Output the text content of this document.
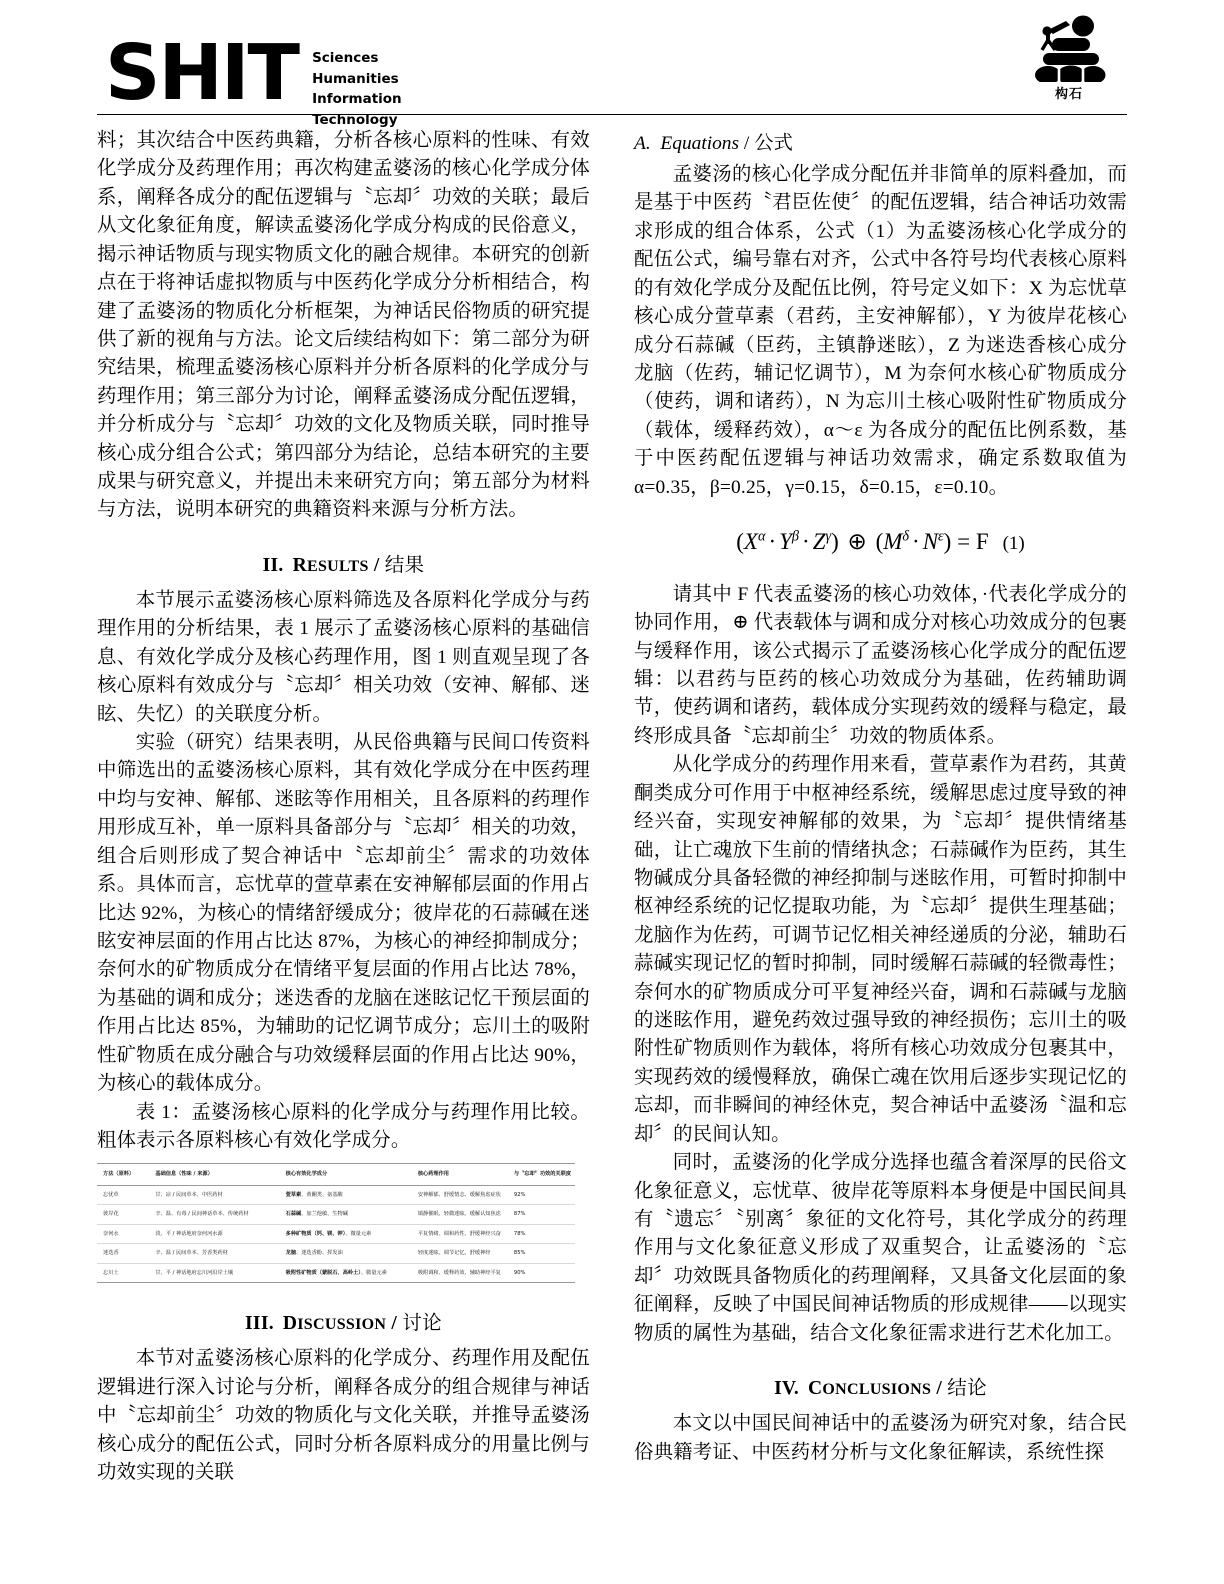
SHIT Sciences
Humanities
Information
Technology
构石

料；其次结合中医药典籍，分析各核心原料的性味、有效化学成分及药理作用；再次构建孟婆汤的核心化学成分体系，阐释各成分的配伍逻辑与〝忘却〞功效的关联；最后从文化象征角度，解读孟婆汤化学成分构成的民俗意义，揭示神话物质与现实物质文化的融合规律。本研究的创新点在于将神话虚拟物质与中医药化学成分分析相结合，构建了孟婆汤的物质化分析框架，为神话民俗物质的研究提供了新的视角与方法。论文后续结构如下：第二部分为研究结果，梳理孟婆汤核心原料并分析各原料的化学成分与药理作用；第三部分为讨论，阐释孟婆汤成分配伍逻辑，并分析成分与〝忘却〞功效的文化及物质关联，同时推导核心成分组合公式；第四部分为结论，总结本研究的主要成果与研究意义，并提出未来研究方向；第五部分为材料与方法，说明本研究的典籍资料来源与分析方法。

II. RESULTS / 结果

本节展示孟婆汤核心原料筛选及各原料化学成分与药理作用的分析结果，表 1 展示了孟婆汤核心原料的基础信息、有效化学成分及核心药理作用，图 1 则直观呈现了各核心原料有效成分与〝忘却〞相关功效（安神、解郁、迷眩、失忆）的关联度分析。

实验（研究）结果表明，从民俗典籍与民间口传资料中筛选出的孟婆汤核心原料，其有效化学成分在中医药理中均与安神、解郁、迷眩等作用相关，且各原料的药理作用形成互补，单一原料具备部分与〝忘却〞相关的功效，组合后则形成了契合神话中〝忘却前尘〞需求的功效体系。具体而言，忘忧草的萱草素在安神解郁层面的作用占比达 92%，为核心的情绪舒缓成分；彼岸花的石蒜碱在迷眩安神层面的作用占比达 87%，为核心的神经抑制成分；奈何水的矿物质成分在情绪平复层面的作用占比达 78%，为基础的调和成分；迷迭香的龙脑在迷眩记忆干预层面的作用占比达 85%，为辅助的记忆调节成分；忘川土的吸附性矿物质在成分融合与功效缓释层面的作用占比达 90%，为核心的载体成分。

表 1：孟婆汤核心原料的化学成分与药理作用比较。粗体表示各原料核心有效化学成分。

方法（原料）	基础信息（性味 / 来源）	核心有效化学成分	核心药理作用	与〝忘却〞功效的关联度
忘忧草	甘、凉 / 民间草本、中医药材	萱草素、黄酮类、氨基酸	安神解郁、舒缓情志、缓解焦虑症状	92%
彼岸花	辛、温、有毒 / 民间神话草本、传统药材	石蒜碱、加兰他敏、生物碱	镇静催眠、轻微迷眩、缓解认知焦虑	87%
奈何水	淡、平 / 神话地府奈何河水源	多种矿物质（钙、镁、钾）、微量元素	平复情绪、调和药性、舒缓神经兴奋	78%
迷迭香	辛、温 / 民间草本、芳香类药材	龙脑、迷迭香酚、挥发油	轻度迷眩、调节记忆、舒缓神经	85%
忘川土	甘、平 / 神话地府忘川河沿岸土壤	吸附性矿物质（蒙脱石、高岭土）、微量元素	吸附调和、缓释药效、辅助神经平复	90%
III. DISCUSSION / 讨论

本节对孟婆汤核心原料的化学成分、药理作用及配伍逻辑进行深入讨论与分析，阐释各成分的组合规律与神话中〝忘却前尘〞功效的物质化与文化关联，并推导孟婆汤核心成分的配伍公式，同时分析各原料成分的用量比例与功效实现的关联

A. Equations / 公式

孟婆汤的核心化学成分配伍并非简单的原料叠加，而是基于中医药〝君臣佐使〞的配伍逻辑，结合神话功效需求形成的组合体系，公式（1）为孟婆汤核心化学成分的配伍公式，编号靠右对齐，公式中各符号均代表核心原料的有效化学成分及配伍比例，符号定义如下：X 为忘忧草核心成分萱草素（君药，主安神解郁），Y 为彼岸花核心成分石蒜碱（臣药，主镇静迷眩），Z 为迷迭香核心成分龙脑（佐药，辅记忆调节），M 为奈何水核心矿物质成分（使药，调和诸药），N 为忘川土核心吸附性矿物质成分（载体，缓释药效），α～ε 为各成分的配伍比例系数，基于中医药配伍逻辑与神话功效需求，确定系数取值为 α=0.35，β=0.25，γ=0.15，δ=0.15，ε=0.10。

$(X^\alpha \cdot Y^\beta \cdot Z^\gamma)$ ⊕ $(M^\delta \cdot N^\varepsilon) = F$ (1)

请其中 F 代表孟婆汤的核心功效体，·代表化学成分的协同作用，⊕ 代表载体与调和成分对核心功效成分的包裹与缓释作用，该公式揭示了孟婆汤核心化学成分的配伍逻辑：以君药与臣药的核心功效成分为基础，佐药辅助调节，使药调和诸药，载体成分实现药效的缓释与稳定，最终形成具备〝忘却前尘〞功效的物质体系。

从化学成分的药理作用来看，萱草素作为君药，其黄酮类成分可作用于中枢神经系统，缓解思虑过度导致的神经兴奋，实现安神解郁的效果，为〝忘却〞提供情绪基础，让亡魂放下生前的情绪执念；石蒜碱作为臣药，其生物碱成分具备轻微的神经抑制与迷眩作用，可暂时抑制中枢神经系统的记忆提取功能，为〝忘却〞提供生理基础；龙脑作为佐药，可调节记忆相关神经递质的分泌，辅助石蒜碱实现记忆的暂时抑制，同时缓解石蒜碱的轻微毒性；奈何水的矿物质成分可平复神经兴奋，调和石蒜碱与龙脑的迷眩作用，避免药效过强导致的神经损伤；忘川土的吸附性矿物质则作为载体，将所有核心功效成分包裹其中，实现药效的缓慢释放，确保亡魂在饮用后逐步实现记忆的忘却，而非瞬间的神经休克，契合神话中孟婆汤〝温和忘却〞的民间认知。

同时，孟婆汤的化学成分选择也蕴含着深厚的民俗文化象征意义，忘忧草、彼岸花等原料本身便是中国民间具有〝遗忘〞〝别离〞象征的文化符号，其化学成分的药理作用与文化象征意义形成了双重契合，让孟婆汤的〝忘却〞功效既具备物质化的药理阐释，又具备文化层面的象征阐释，反映了中国民间神话物质的形成规律——以现实物质的属性为基础，结合文化象征需求进行艺术化加工。

IV. CONCLUSIONS / 结论

本文以中国民间神话中的孟婆汤为研究对象，结合民俗典籍考证、中医药材分析与文化象征解读，系统性探
